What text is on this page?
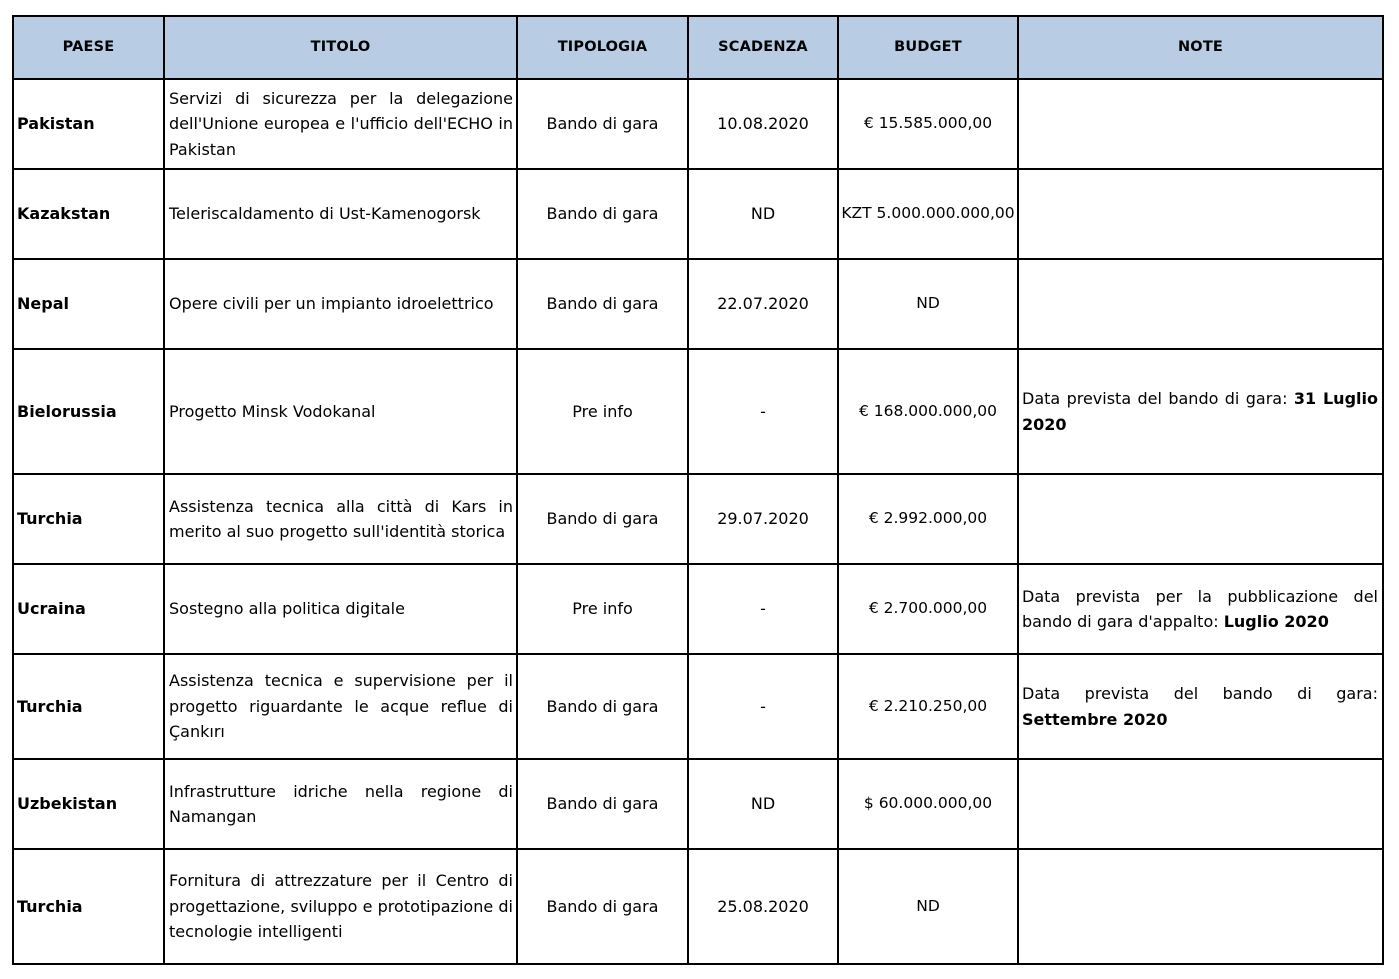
PAESE	TITOLO	TIPOLOGIA	SCADENZA	BUDGET	NOTE
Pakistan	Servizi di sicurezza per la delegazione dell'Unione europea e l'ufficio dell'ECHO in Pakistan	Bando di gara	10.08.2020	€ 15.585.000,00	
Kazakstan	Teleriscaldamento di Ust-Kamenogorsk	Bando di gara	ND	KZT 5.000.000.000,00	
Nepal	Opere civili per un impianto idroelettrico	Bando di gara	22.07.2020	ND	
Bielorussia	Progetto Minsk Vodokanal	Pre info	-	€ 168.000.000,00	Data prevista del bando di gara: 31 Luglio 2020
Turchia	Assistenza tecnica alla città di Kars in merito al suo progetto sull'identità storica	Bando di gara	29.07.2020	€ 2.992.000,00	
Ucraina	Sostegno alla politica digitale	Pre info	-	€ 2.700.000,00	Data prevista per la pubblicazione del bando di gara d'appalto: Luglio 2020
Turchia	Assistenza tecnica e supervisione per il progetto riguardante le acque reflue di Çankırı	Bando di gara	-	€ 2.210.250,00	Data prevista del bando di gara: Settembre 2020
Uzbekistan	Infrastrutture idriche nella regione di Namangan	Bando di gara	ND	$ 60.000.000,00	
Turchia	Fornitura di attrezzature per il Centro di progettazione, sviluppo e prototipazione di tecnologie intelligenti	Bando di gara	25.08.2020	ND	
